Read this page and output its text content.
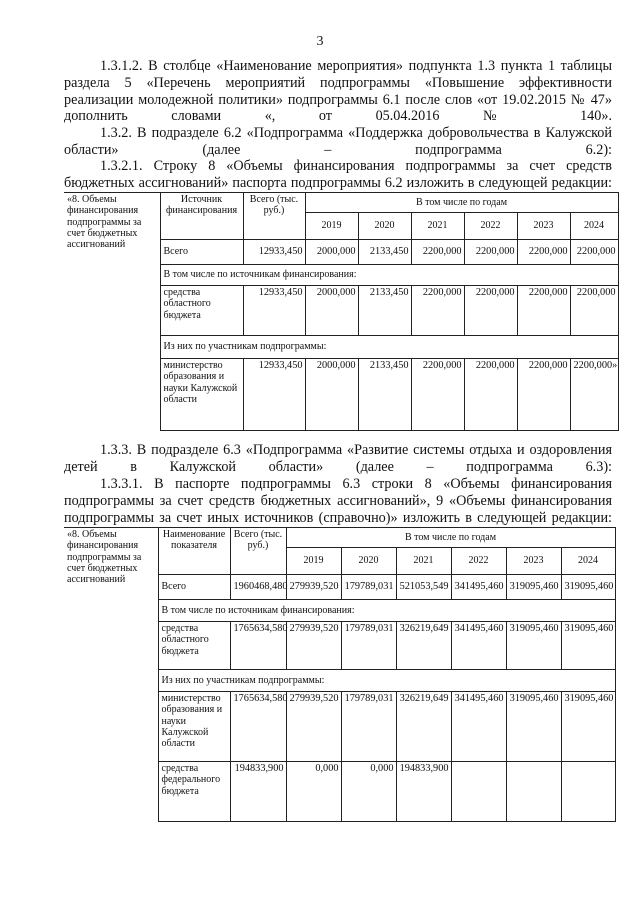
3
1.3.1.2. В столбце «Наименование мероприятия» подпункта 1.3 пункта 1 таблицы раздела 5 «Перечень мероприятий подпрограммы «Повышение эффективности реализации молодежной политики» подпрограммы 6.1 после слов «от 19.02.2015 № 47» дополнить словами «, от 05.04.2016 № 140».
1.3.2. В подразделе 6.2 «Подпрограмма «Поддержка добровольчества в Калужской области» (далее – подпрограмма 6.2):
1.3.2.1. Строку 8 «Объемы финансирования подпрограммы за счет средств бюджетных ассигнований» паспорта подпрограммы 6.2 изложить в следующей редакции:
«8. Объемы финансирования подпрограммы за счет бюджетных ассигнований	Источник финансирования	Всего (тыс. руб.)	В том числе по годам					
			2019	2020	2021	2022	2023	2024
	Всего	12933,450	2000,000	2133,450	2200,000	2200,000	2200,000	2200,000
	В том числе по источникам финансирования:							
	средства областного бюджета	12933,450	2000,000	2133,450	2200,000	2200,000	2200,000	2200,000
	Из них по участникам подпрограммы:							
	министерство образования и науки Калужской области	12933,450	2000,000	2133,450	2200,000	2200,000	2200,000	2200,000»
1.3.3. В подразделе 6.3 «Подпрограмма «Развитие системы отдыха и оздоровления детей в Калужской области» (далее – подпрограмма 6.3):
1.3.3.1. В паспорте подпрограммы 6.3 строки 8 «Объемы финансирования подпрограммы за счет средств бюджетных ассигнований», 9 «Объемы финансирования подпрограммы за счет иных источников (справочно)» изложить в следующей редакции:
«8. Объемы финансирования подпрограммы за счет бюджетных ассигнований	Наименование показателя	Всего (тыс. руб.)	В том числе по годам					
			2019	2020	2021	2022	2023	2024
	Всего	1960468,480	279939,520	179789,031	521053,549	341495,460	319095,460	319095,460
	В том числе по источникам финансирования:							
	средства областного бюджета	1765634,580	279939,520	179789,031	326219,649	341495,460	319095,460	319095,460
	Из них по участникам подпрограммы:							
	министерство образования и науки Калужской области	1765634,580	279939,520	179789,031	326219,649	341495,460	319095,460	319095,460
	средства федерального бюджета	194833,900	0,000	0,000	194833,900			
